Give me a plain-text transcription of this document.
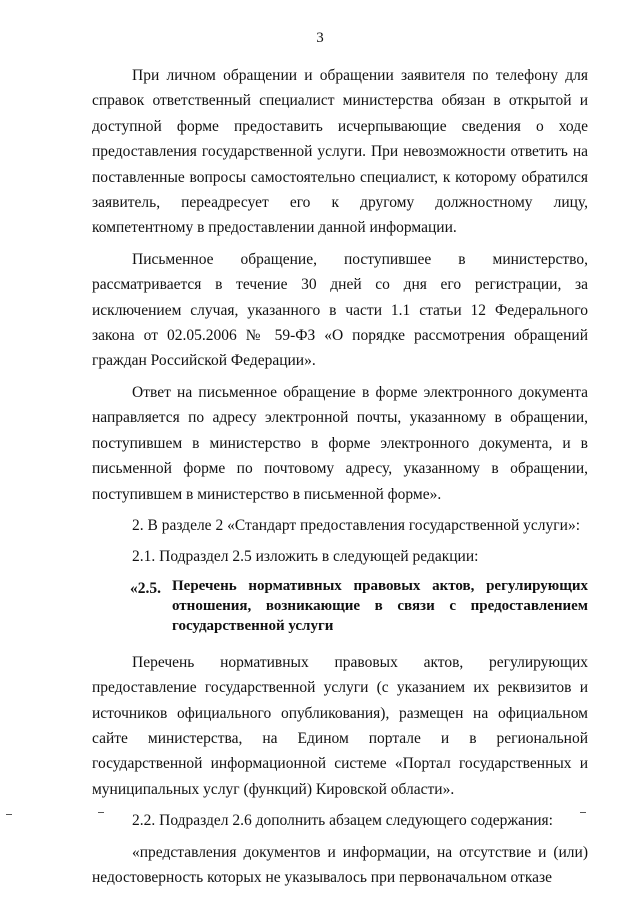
3

При личном обращении и обращении заявителя по телефону для справок ответственный специалист министерства обязан в открытой и доступной форме предоставить исчерпывающие сведения о ходе предоставления государственной услуги. При невозможности ответить на поставленные вопросы самостоятельно специалист, к которому обратился заявитель, переадресует его к другому должностному лицу, компетентному в предоставлении данной информации.

Письменное обращение, поступившее в министерство, рассматривается в течение 30 дней со дня его регистрации, за исключением случая, указанного в части 1.1 статьи 12 Федерального закона от 02.05.2006 № 59-ФЗ «О порядке рассмотрения обращений граждан Российской Федерации».

Ответ на письменное обращение в форме электронного документа направляется по адресу электронной почты, указанному в обращении, поступившем в министерство в форме электронного документа, и в письменной форме по почтовому адресу, указанному в обращении, поступившем в министерство в письменной форме».

2. В разделе 2 «Стандарт предоставления государственной услуги»:

2.1. Подраздел 2.5 изложить в следующей редакции:

«2.5. Перечень нормативных правовых актов, регулирующих отношения, возникающие в связи с предоставлением государственной услуги

Перечень нормативных правовых актов, регулирующих предоставление государственной услуги (с указанием их реквизитов и источников официального опубликования), размещен на официальном сайте министерства, на Едином портале и в региональной государственной информационной системе «Портал государственных и муниципальных услуг (функций) Кировской области».

2.2. Подраздел 2.6 дополнить абзацем следующего содержания:

«представления документов и информации, на отсутствие и (или) недостоверность которых не указывалось при первоначальном отказе
